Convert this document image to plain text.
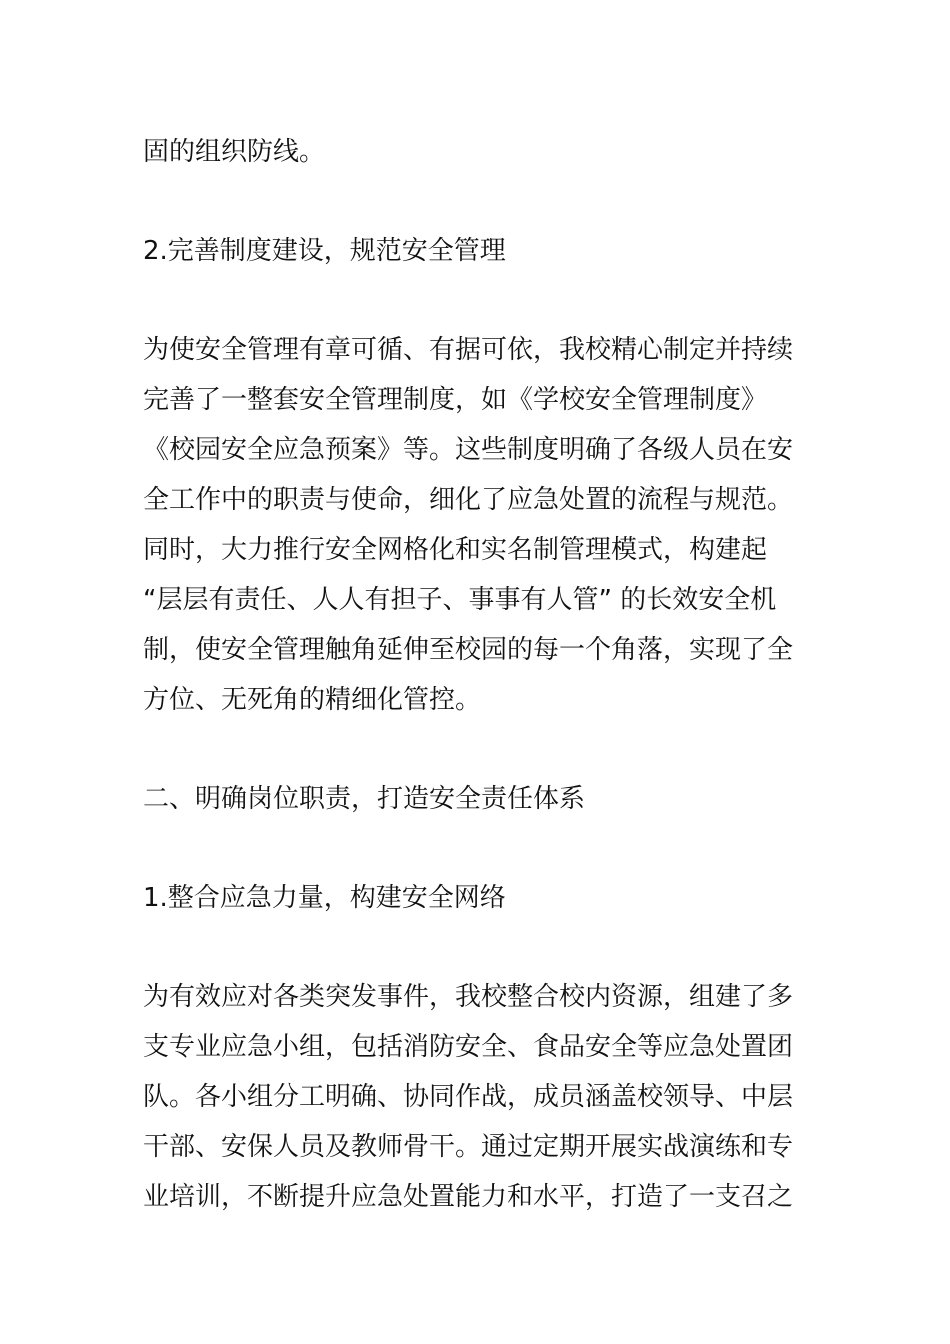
固的组织防线。

2.完善制度建设，规范安全管理

为使安全管理有章可循、有据可依，我校精心制定并持续
完善了一整套安全管理制度，如《学校安全管理制度》
《校园安全应急预案》等。这些制度明确了各级人员在安
全工作中的职责与使命，细化了应急处置的流程与规范。
同时，大力推行安全网格化和实名制管理模式，构建起
“层层有责任、人人有担子、事事有人管” 的长效安全机
制，使安全管理触角延伸至校园的每一个角落，实现了全
方位、无死角的精细化管控。

二、明确岗位职责，打造安全责任体系

1.整合应急力量，构建安全网络

为有效应对各类突发事件，我校整合校内资源，组建了多
支专业应急小组，包括消防安全、食品安全等应急处置团
队。各小组分工明确、协同作战，成员涵盖校领导、中层
干部、安保人员及教师骨干。通过定期开展实战演练和专
业培训，不断提升应急处置能力和水平，打造了一支召之
